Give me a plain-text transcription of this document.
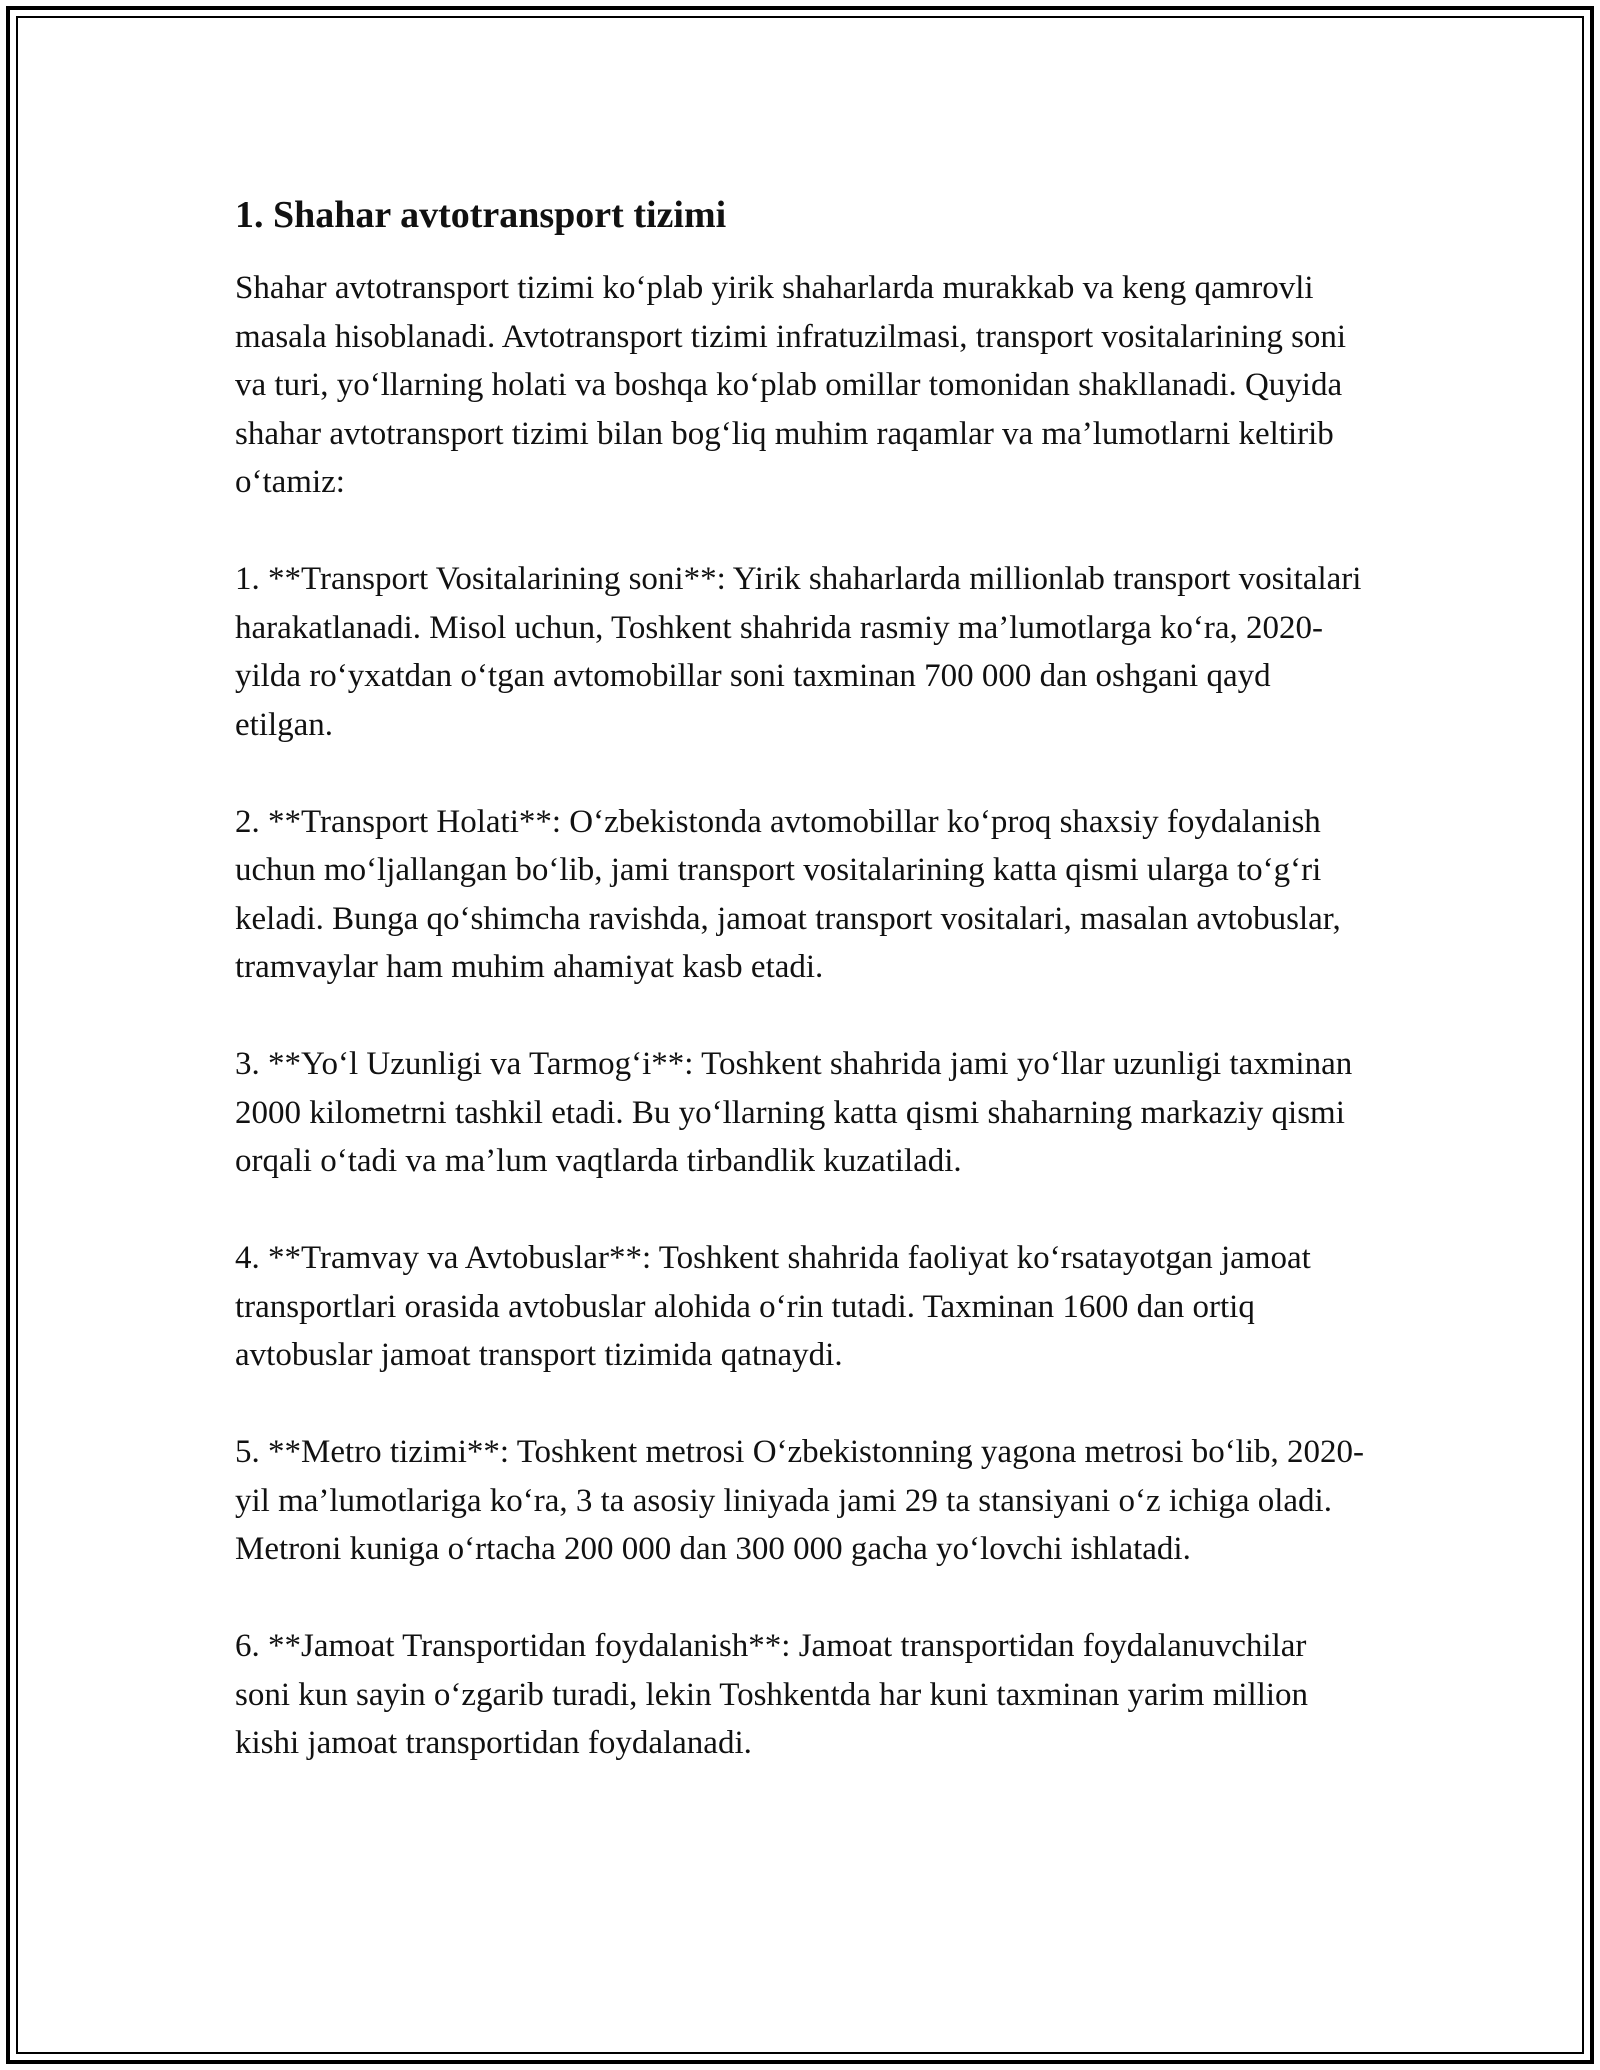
1. Shahar avtotransport tizimi

Shahar avtotransport tizimi ko‘plab yirik shaharlarda murakkab va keng qamrovli masala hisoblanadi. Avtotransport tizimi infratuzilmasi, transport vositalarining soni va turi, yo‘llarning holati va boshqa ko‘plab omillar tomonidan shakllanadi. Quyida shahar avtotransport tizimi bilan bog‘liq muhim raqamlar va ma’lumotlarni keltirib o‘tamiz:

1. **Transport Vositalarining soni**: Yirik shaharlarda millionlab transport vositalari harakatlanadi. Misol uchun, Toshkent shahrida rasmiy ma’lumotlarga ko‘ra, 2020-yilda ro‘yxatdan o‘tgan avtomobillar soni taxminan 700 000 dan oshgani qayd etilgan.

2. **Transport Holati**: O‘zbekistonda avtomobillar ko‘proq shaxsiy foydalanish uchun mo‘ljallangan bo‘lib, jami transport vositalarining katta qismi ularga to‘g‘ri keladi. Bunga qo‘shimcha ravishda, jamoat transport vositalari, masalan avtobuslar, tramvaylar ham muhim ahamiyat kasb etadi.

3. **Yo‘l Uzunligi va Tarmog‘i**: Toshkent shahrida jami yo‘llar uzunligi taxminan 2000 kilometrni tashkil etadi. Bu yo‘llarning katta qismi shaharning markaziy qismi orqali o‘tadi va ma’lum vaqtlarda tirbandlik kuzatiladi.

4. **Tramvay va Avtobuslar**: Toshkent shahrida faoliyat ko‘rsatayotgan jamoat transportlari orasida avtobuslar alohida o‘rin tutadi. Taxminan 1600 dan ortiq avtobuslar jamoat transport tizimida qatnaydi.

5. **Metro tizimi**: Toshkent metrosi O‘zbekistonning yagona metrosi bo‘lib, 2020-yil ma’lumotlariga ko‘ra, 3 ta asosiy liniyada jami 29 ta stansiyani o‘z ichiga oladi. Metroni kuniga o‘rtacha 200 000 dan 300 000 gacha yo‘lovchi ishlatadi.

6. **Jamoat Transportidan foydalanish**: Jamoat transportidan foydalanuvchilar soni kun sayin o‘zgarib turadi, lekin Toshkentda har kuni taxminan yarim million kishi jamoat transportidan foydalanadi.
